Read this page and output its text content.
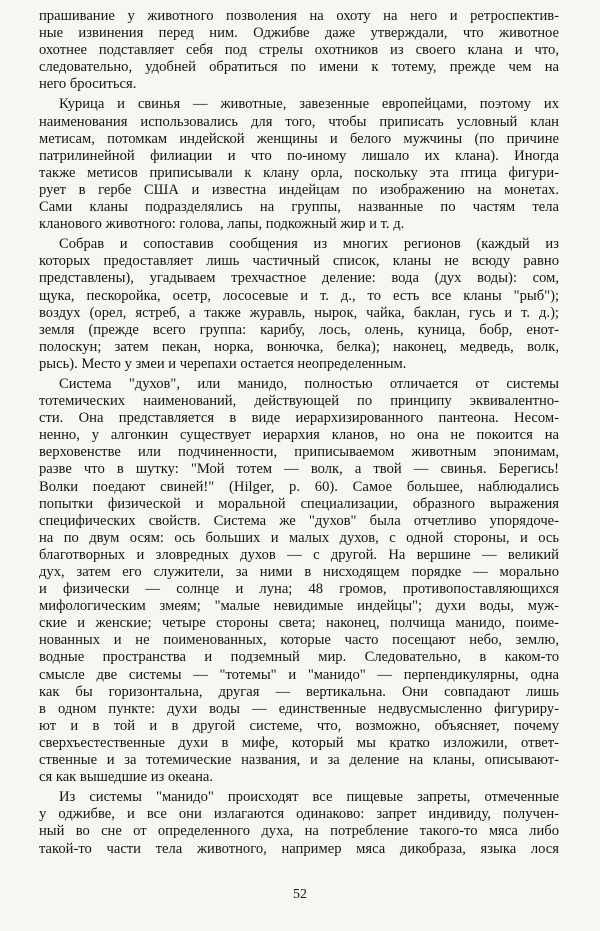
прашивание у животного позволения на охоту на него и ретроспектив-
ные извинения перед ним. Оджибве даже утверждали, что животное
охотнее подставляет себя под стрелы охотников из своего клана и что,
следовательно, удобней обратиться по имени к тотему, прежде чем на
него броситься.
Курица и свинья — животные, завезенные европейцами, поэтому их
наименования использовались для того, чтобы приписать условный клан
метисам, потомкам индейской женщины и белого мужчины (по причине
патрилинейной филиации и что по-иному лишало их клана). Иногда
также метисов приписывали к клану орла, поскольку эта птица фигури-
рует в гербе США и известна индейцам по изображению на монетах.
Сами кланы подразделялись на группы, названные по частям тела
кланового животного: голова, лапы, подкожный жир и т. д.
Собрав и сопоставив сообщения из многих регионов (каждый из
которых предоставляет лишь частичный список, кланы не всюду равно
представлены), угадываем трехчастное деление: вода (дух воды): сом,
щука, пескоройка, осетр, лососевые и т. д., то есть все кланы "рыб");
воздух (орел, ястреб, а также журавль, нырок, чайка, баклан, гусь и т. д.);
земля (прежде всего группа: карибу, лось, олень, куница, бобр, енот-
полоскун; затем пекан, норка, вонючка, белка); наконец, медведь, волк,
рысь). Место у змеи и черепахи остается неопределенным.
Система "духов", или манидо, полностью отличается от системы
тотемических наименований, действующей по принципу эквивалентно-
сти. Она представляется в виде иерархизированного пантеона. Несом-
ненно, у алгонкин существует иерархия кланов, но она не покоится на
верховенстве или подчиненности, приписываемом животным эпонимам,
разве что в шутку: "Мой тотем — волк, а твой — свинья. Берегись!
Волки поедают свиней!" (Hilger, p. 60). Самое большее, наблюдались
попытки физической и моральной специализации, образного выражения
специфических свойств. Система же "духов" была отчетливо упорядоче-
на по двум осям: ось больших и малых духов, с одной стороны, и ось
благотворных и зловредных духов — с другой. На вершине — великий
дух, затем его служители, за ними в нисходящем порядке — морально
и физически — солнце и луна; 48 громов, противопоставляющихся
мифологическим змеям; "малые невидимые индейцы"; духи воды, муж-
ские и женские; четыре стороны света; наконец, полчища манидо, поиме-
нованных и не поименованных, которые часто посещают небо, землю,
водные пространства и подземный мир. Следовательно, в каком-то
смысле две системы — "тотемы" и "манидо" — перпендикулярны, одна
как бы горизонтальна, другая — вертикальна. Они совпадают лишь
в одном пункте: духи воды — единственные недвусмысленно фигуриру-
ют и в той и в другой системе, что, возможно, объясняет, почему
сверхъестественные духи в мифе, который мы кратко изложили, ответ-
ственные и за тотемические названия, и за деление на кланы, описывают-
ся как вышедшие из океана.
Из системы "манидо" происходят все пищевые запреты, отмеченные
у оджибве, и все они излагаются одинаково: запрет индивиду, получен-
ный во сне от определенного духа, на потребление такого-то мяса либо
такой-то части тела животного, например мяса дикобраза, языка лося
52
